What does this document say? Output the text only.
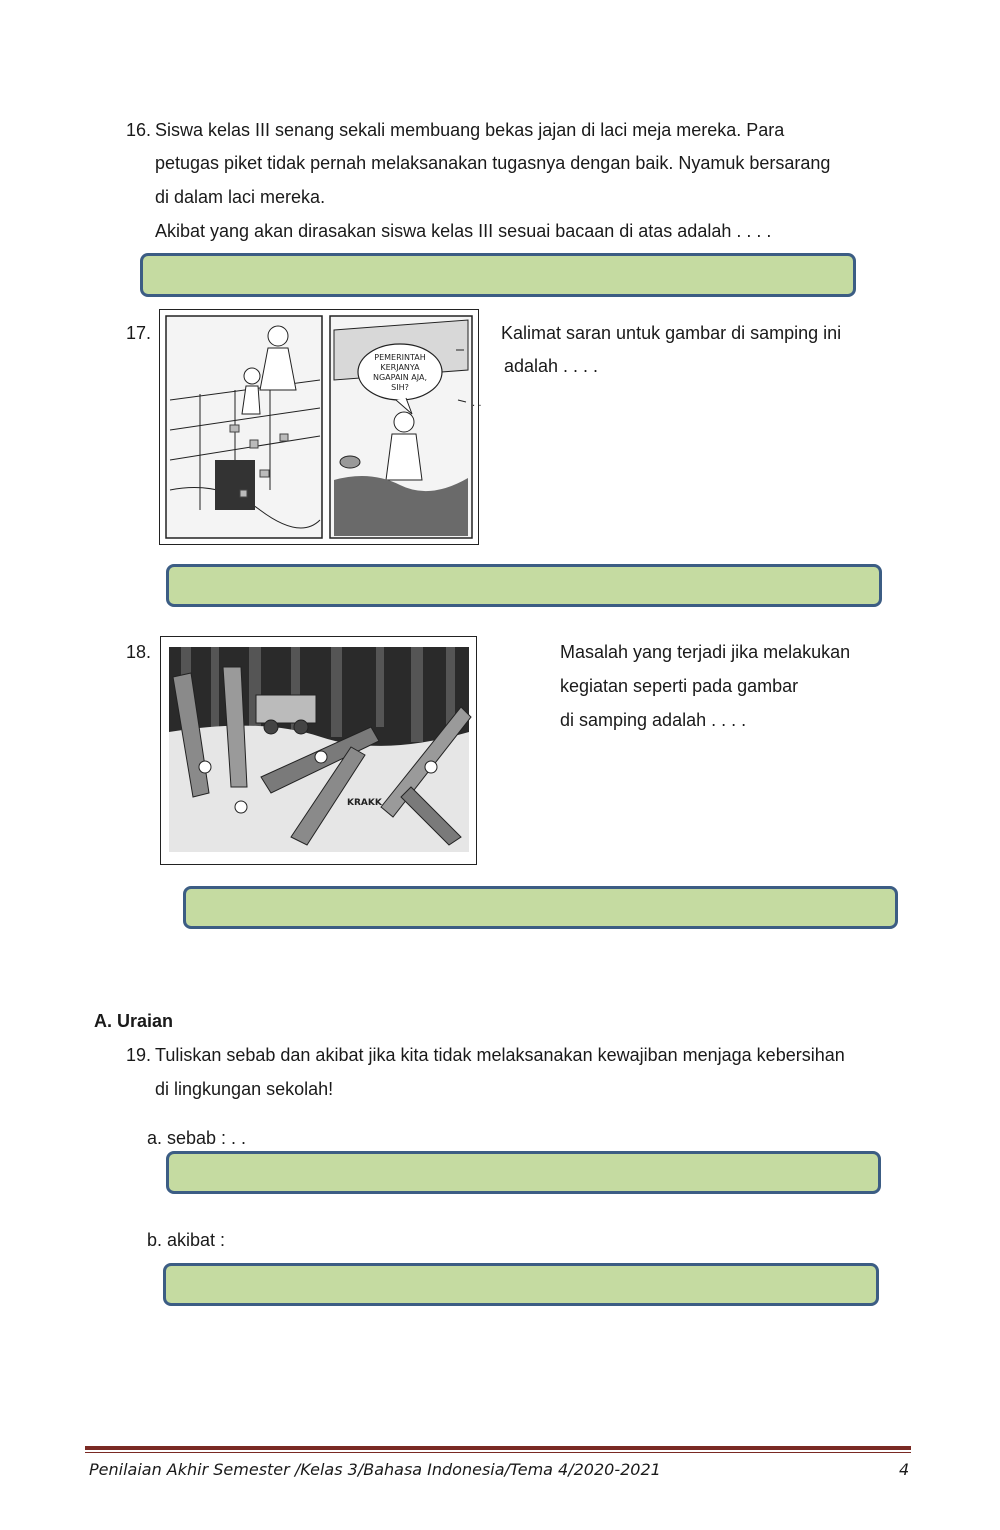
16. Siswa kelas III senang sekali membuang bekas jajan di laci meja mereka. Para
petugas piket tidak pernah melaksanakan tugasnya dengan baik. Nyamuk bersarang
di dalam laci mereka.
Akibat yang akan dirasakan siswa kelas III sesuai bacaan di atas adalah . . . .
17.
PEMERINTAH
KERJANYA
NGAPAIN AJA,
SIH?
. .
Kalimat saran untuk gambar di samping ini
adalah . . . .
18.
KRAKK
Masalah yang terjadi jika melakukan
kegiatan seperti pada gambar
di samping adalah . . . .
A. Uraian
19. Tuliskan sebab dan akibat jika kita tidak melaksanakan kewajiban menjaga kebersihan
di lingkungan sekolah!
a. sebab : . .
b. akibat :
Penilaian Akhir Semester /Kelas 3/Bahasa Indonesia/Tema 4/2020-2021	4
